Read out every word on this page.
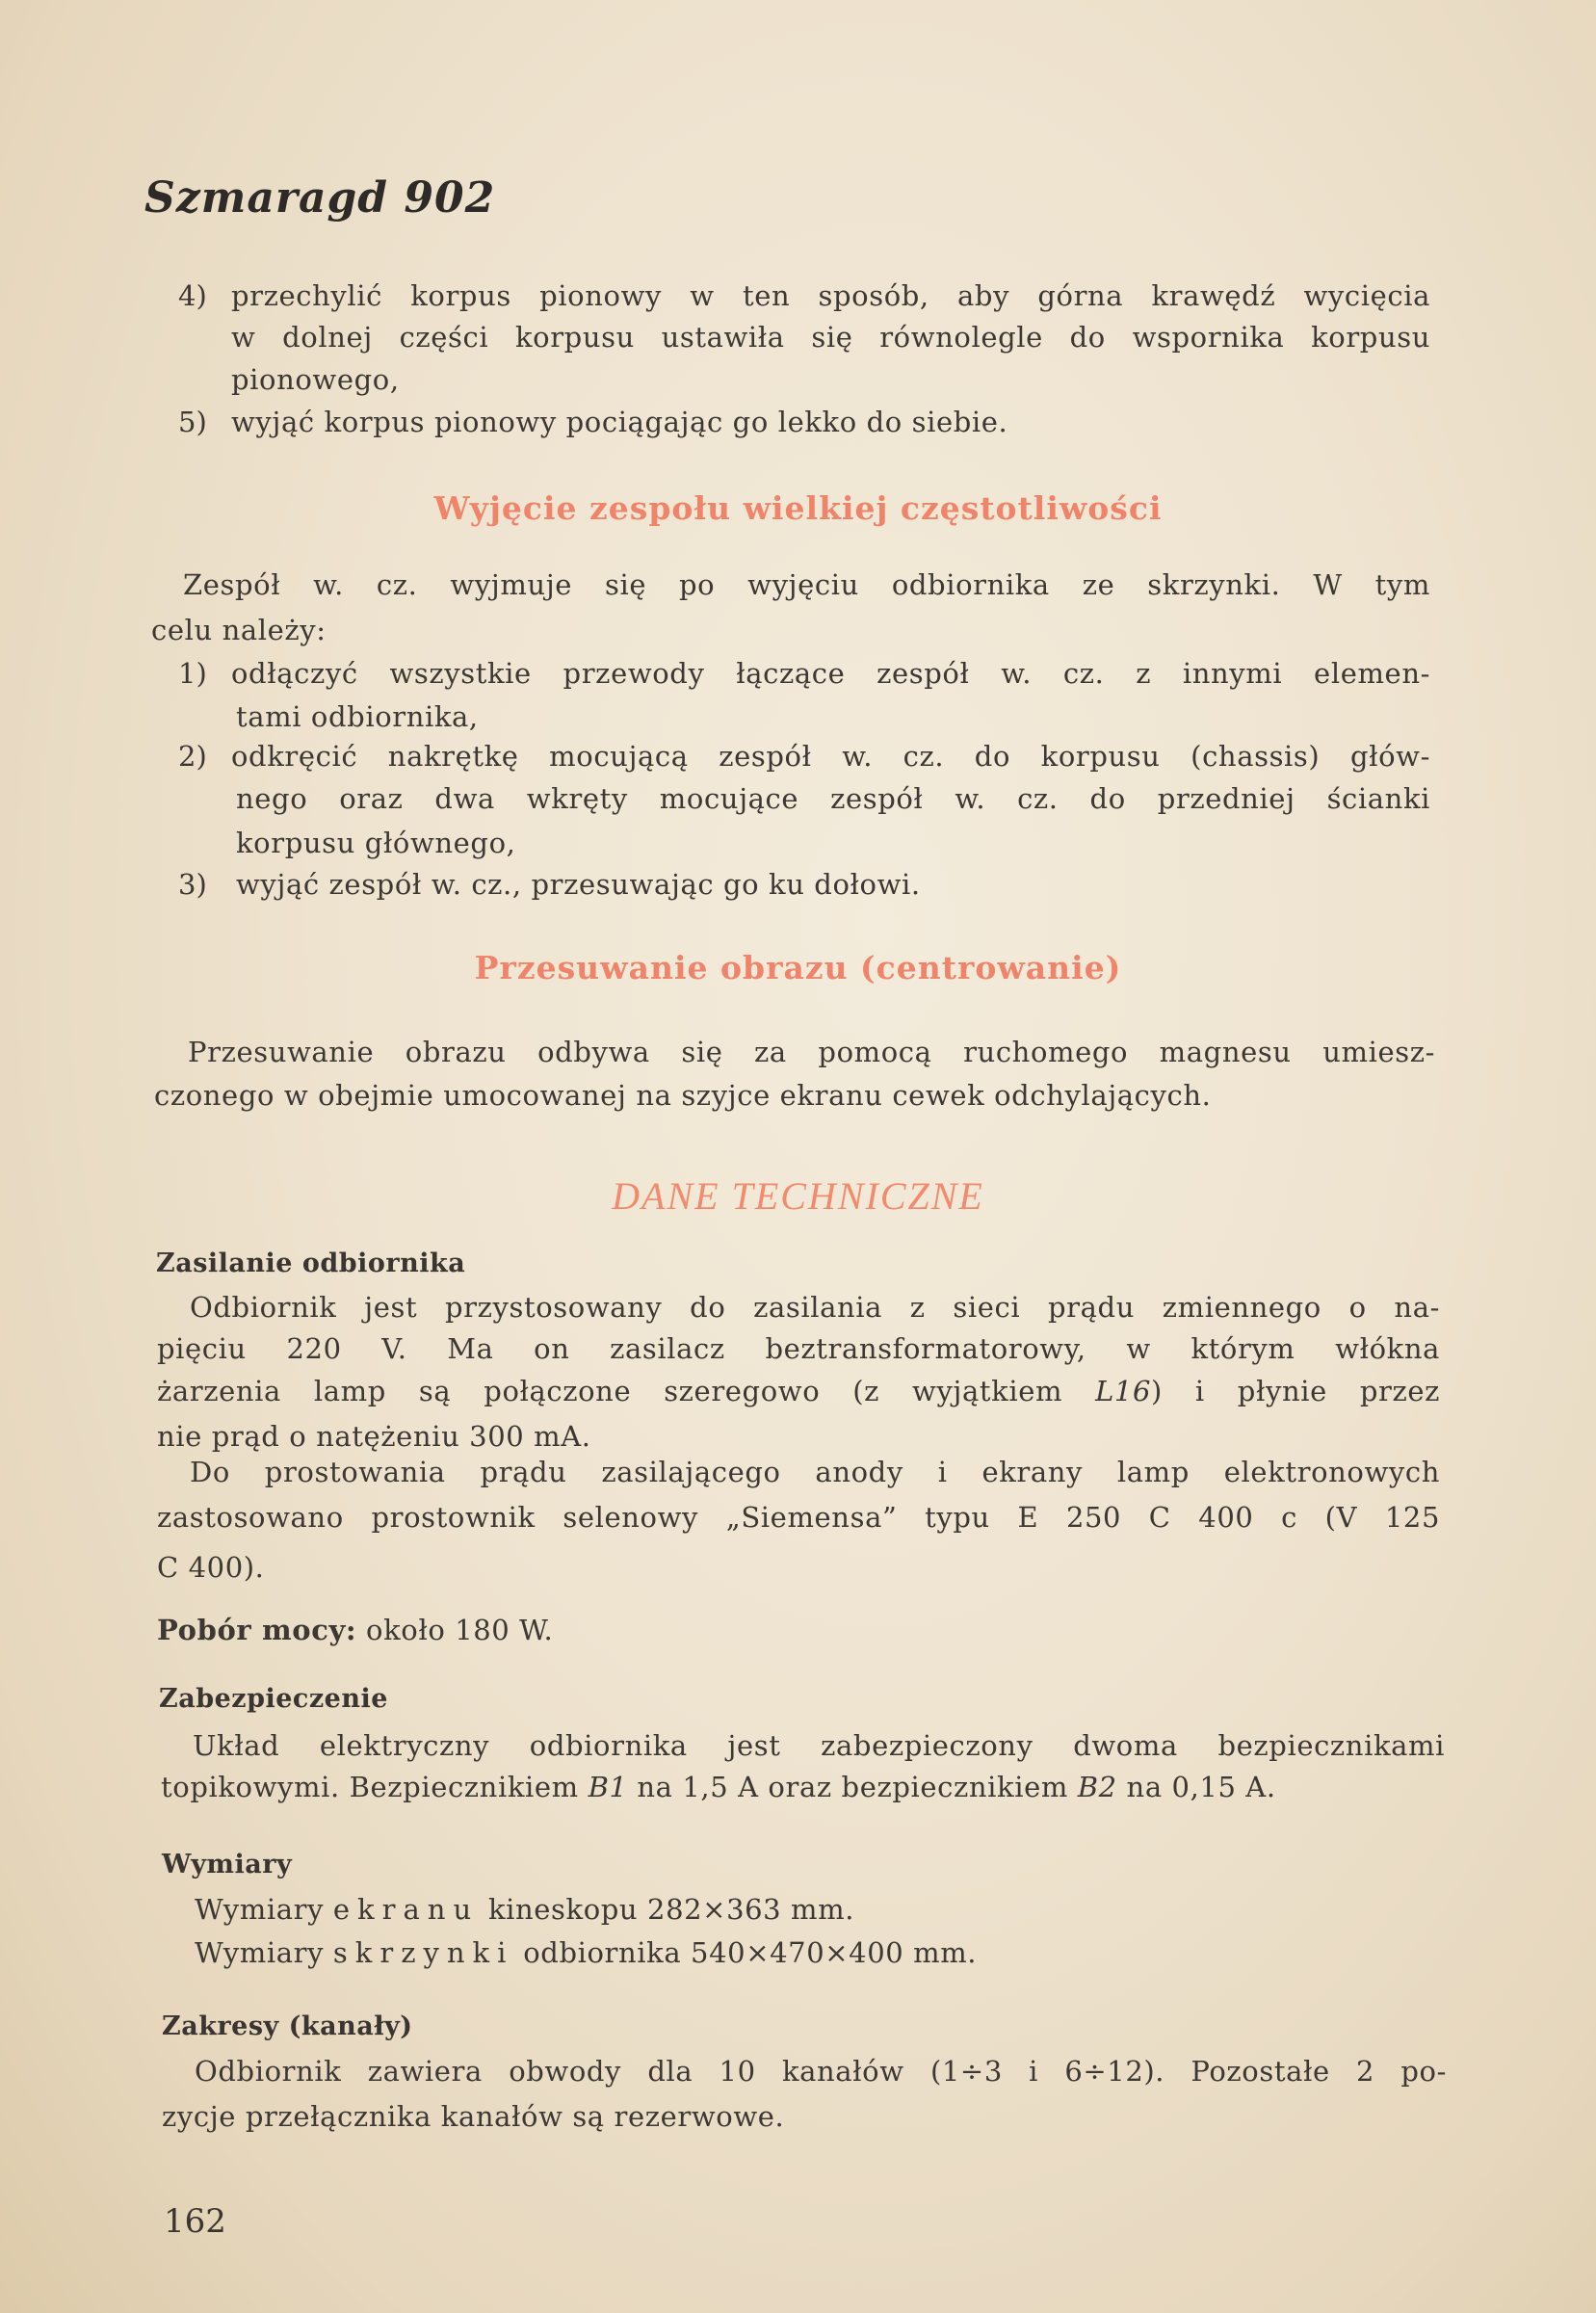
Szmaragd 902
4) przechylić korpus pionowy w ten sposób, aby górna krawędź wycięcia
w dolnej części korpusu ustawiła się równolegle do wspornika korpusu
pionowego,
5) wyjąć korpus pionowy pociągając go lekko do siebie.
Wyjęcie zespołu wielkiej częstotliwości
Zespół w. cz. wyjmuje się po wyjęciu odbiornika ze skrzynki. W tym
celu należy:
1) odłączyć wszystkie przewody łączące zespół w. cz. z innymi elemen-
tami odbiornika,
2) odkręcić nakrętkę mocującą zespół w. cz. do korpusu (chassis) głów-
nego oraz dwa wkręty mocujące zespół w. cz. do przedniej ścianki
korpusu głównego,
3) wyjąć zespół w. cz., przesuwając go ku dołowi.
Przesuwanie obrazu (centrowanie)
Przesuwanie obrazu odbywa się za pomocą ruchomego magnesu umiesz-
czonego w obejmie umocowanej na szyjce ekranu cewek odchylających.
DANE TECHNICZNE
Zasilanie odbiornika
Odbiornik jest przystosowany do zasilania z sieci prądu zmiennego o na-
pięciu 220 V. Ma on zasilacz beztransformatorowy, w którym włókna
żarzenia lamp są połączone szeregowo (z wyjątkiem L16) i płynie przez
nie prąd o natężeniu 300 mA.
Do prostowania prądu zasilającego anody i ekrany lamp elektronowych
zastosowano prostownik selenowy „Siemensa” typu E 250 C 400 c (V 125
C 400).
Pobór mocy: około 180 W.
Zabezpieczenie
Układ elektryczny odbiornika jest zabezpieczony dwoma bezpiecznikami
topikowymi. Bezpiecznikiem B1 na 1,5 A oraz bezpiecznikiem B2 na 0,15 A.
Wymiary
Wymiary ekranu kineskopu 282×363 mm.
Wymiary skrzynki odbiornika 540×470×400 mm.
Zakresy (kanały)
Odbiornik zawiera obwody dla 10 kanałów (1÷3 i 6÷12). Pozostałe 2 po-
zycje przełącznika kanałów są rezerwowe.
162
